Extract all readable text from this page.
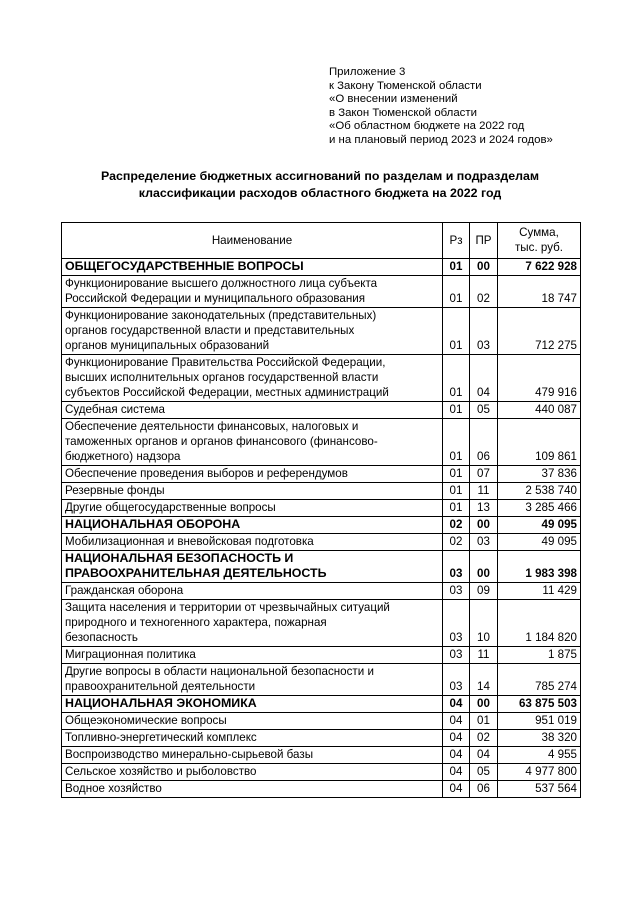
Приложение 3
к Закону Тюменской области
«О внесении изменений
в Закон Тюменской области
«Об областном бюджете на 2022 год
и на плановый период 2023 и 2024 годов»
Распределение бюджетных ассигнований по разделам и подразделам
классификации расходов областного бюджета на 2022 год
Наименование	Рз	ПР	Сумма,
тыс. руб.

ОБЩЕГОСУДАРСТВЕННЫЕ ВОПРОСЫ	01	00	7 622 928

Функционирование высшего должностного лица субъекта
Российской Федерации и муниципального образования	01	02	18 747

Функционирование законодательных (представительных)
органов государственной власти и представительных
органов муниципальных образований	01	03	712 275

Функционирование Правительства Российской Федерации,
высших исполнительных органов государственной власти
субъектов Российской Федерации, местных администраций	01	04	479 916

Судебная система	01	05	440 087

Обеспечение деятельности финансовых, налоговых и
таможенных органов и органов финансового (финансово-
бюджетного) надзора	01	06	109 861

Обеспечение проведения выборов и референдумов	01	07	37 836

Резервные фонды	01	11	2 538 740

Другие общегосударственные вопросы	01	13	3 285 466

НАЦИОНАЛЬНАЯ ОБОРОНА	02	00	49 095

Мобилизационная и вневойсковая подготовка	02	03	49 095

НАЦИОНАЛЬНАЯ БЕЗОПАСНОСТЬ И
ПРАВООХРАНИТЕЛЬНАЯ ДЕЯТЕЛЬНОСТЬ	03	00	1 983 398

Гражданская оборона	03	09	11 429

Защита населения и территории от чрезвычайных ситуаций
природного и техногенного характера, пожарная
безопасность	03	10	1 184 820

Миграционная политика	03	11	1 875

Другие вопросы в области национальной безопасности и
правоохранительной деятельности	03	14	785 274

НАЦИОНАЛЬНАЯ ЭКОНОМИКА	04	00	63 875 503

Общеэкономические вопросы	04	01	951 019

Топливно-энергетический комплекс	04	02	38 320

Воспроизводство минерально-сырьевой базы	04	04	4 955

Сельское хозяйство и рыболовство	04	05	4 977 800

Водное хозяйство	04	06	537 564
